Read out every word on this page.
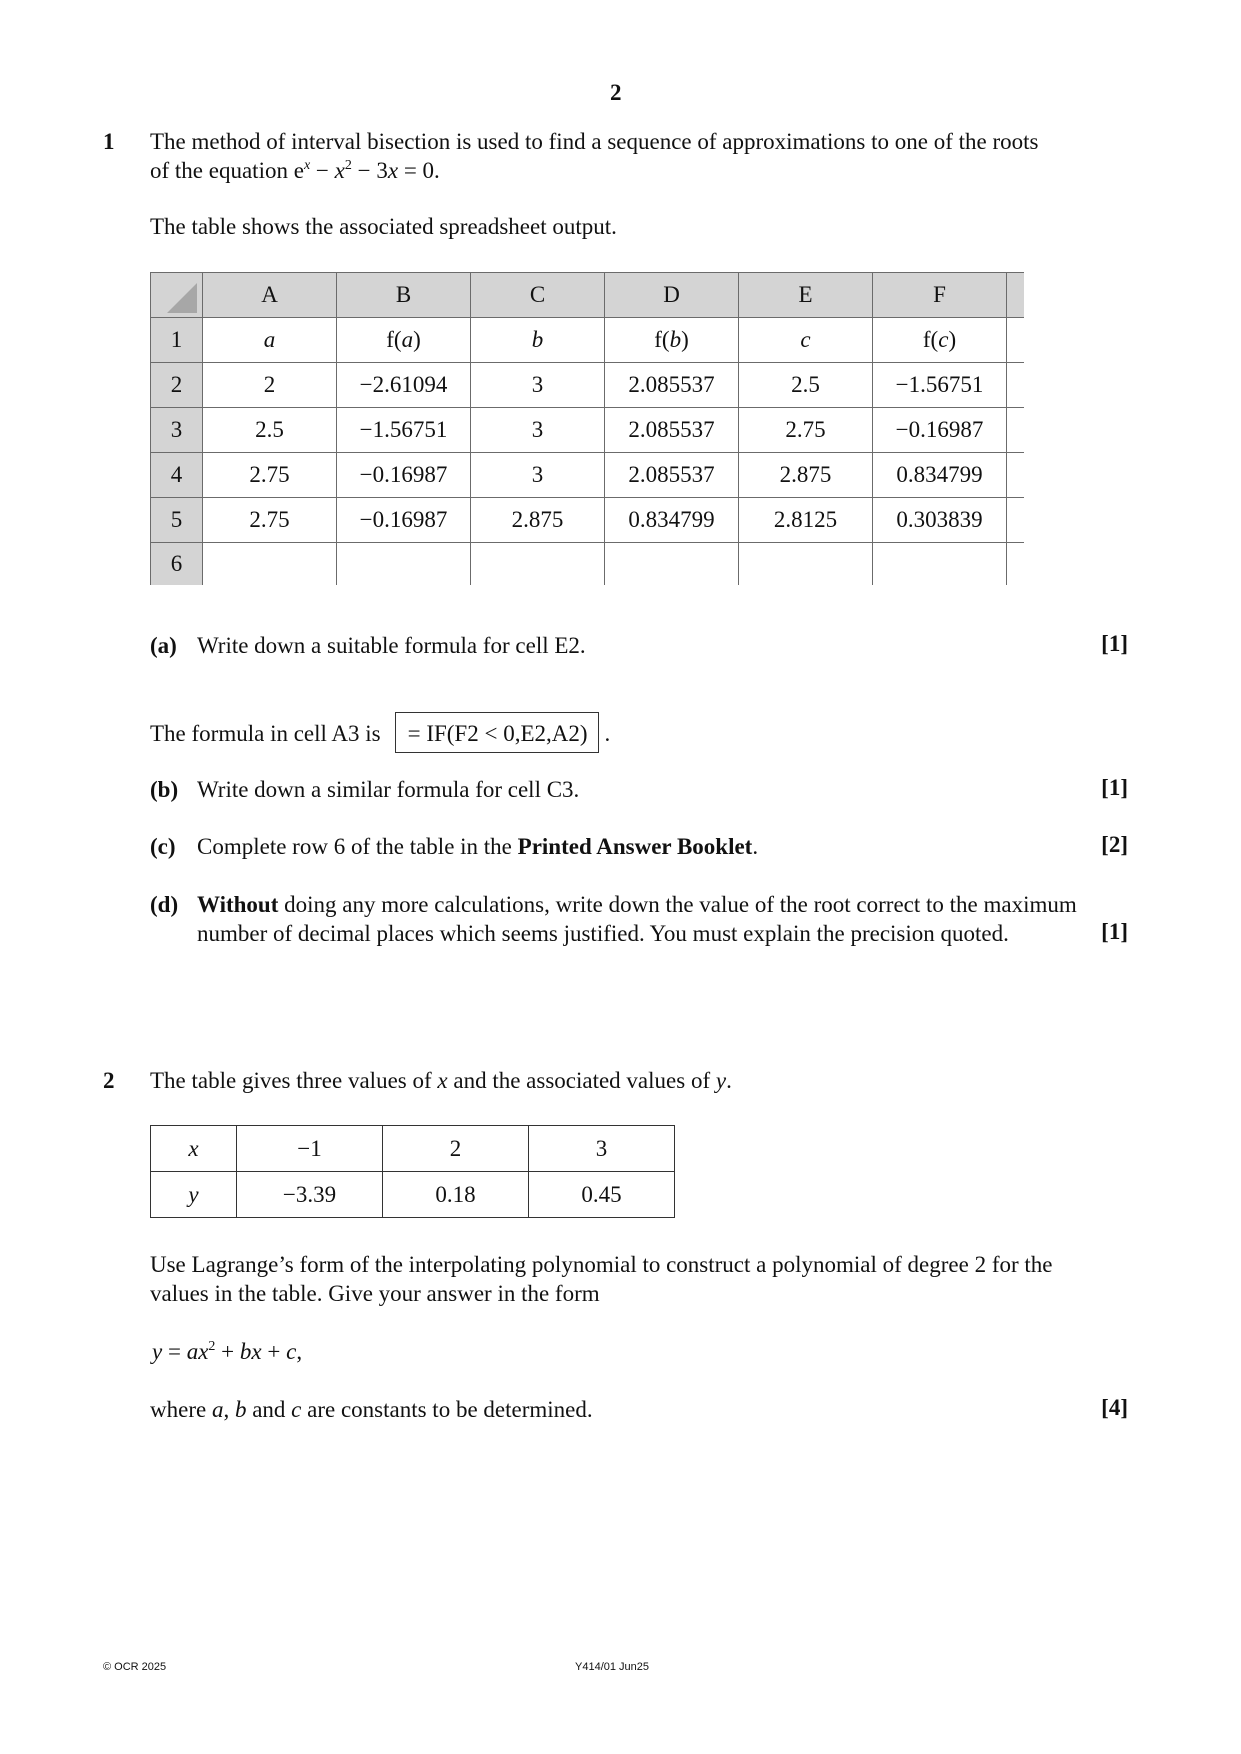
2
1 The method of interval bisection is used to find a sequence of approximations to one of the roots
of the equation $e^x - x^2 - 3x = 0$.
The table shows the associated spreadsheet output.
	A	B	C	D	E	F	
1	a	f(a)	b	f(b)	c	f(c)	
2	2	−2.61094	3	2.085537	2.5	−1.56751	
3	2.5	−1.56751	3	2.085537	2.75	−0.16987	
4	2.75	−0.16987	3	2.085537	2.875	0.834799	
5	2.75	−0.16987	2.875	0.834799	2.8125	0.303839	
6							
(a) Write down a suitable formula for cell E2.	[1]
The formula in cell A3 is = IF(F2 < 0,E2,A2) .
(b) Write down a similar formula for cell C3.	[1]
(c) Complete row 6 of the table in the Printed Answer Booklet.	[2]
(d) Without doing any more calculations, write down the value of the root correct to the maximum
number of decimal places which seems justified. You must explain the precision quoted.	[1]
2 The table gives three values of x and the associated values of y.
x	−1	2	3
y	−3.39	0.18	0.45
Use Lagrange’s form of the interpolating polynomial to construct a polynomial of degree 2 for the
values in the table. Give your answer in the form
$y = ax^2$ + bx + c,
where a, b and c are constants to be determined.	[4]
© OCR 2025	Y414/01 Jun25
